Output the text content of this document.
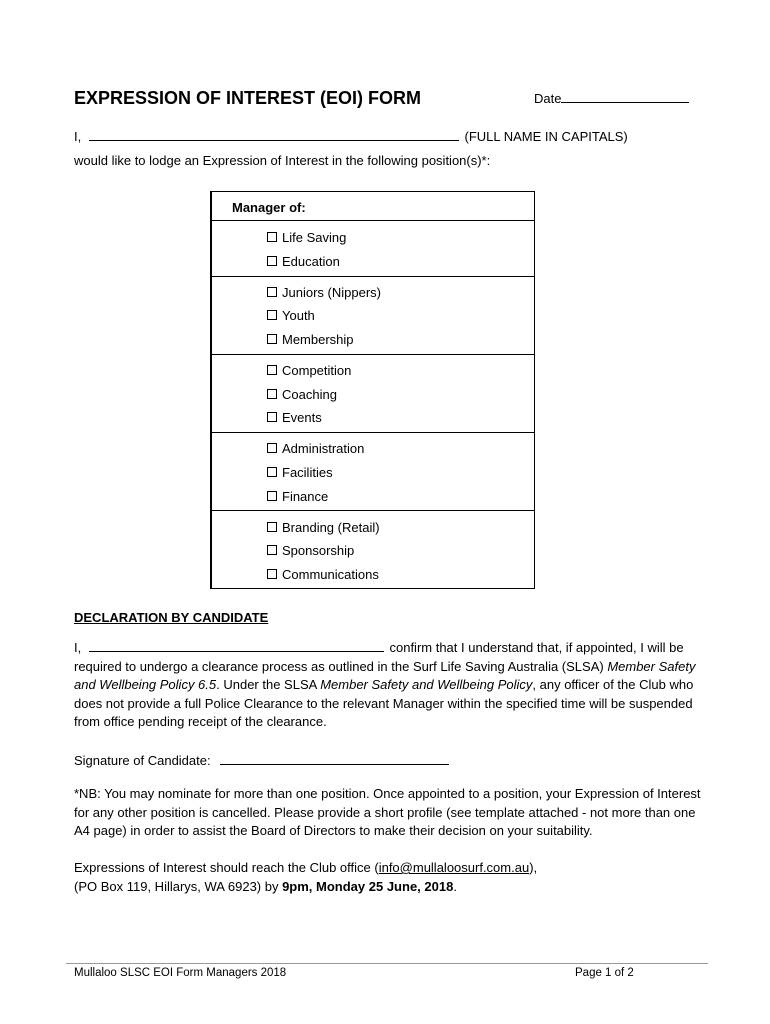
EXPRESSION OF INTEREST (EOI) FORM	Date
I,	(FULL NAME IN CAPITALS)
would like to lodge an Expression of Interest in the following position(s)*:
Manager of:
Life Saving
Education
Juniors (Nippers)
Youth
Membership
Competition
Coaching
Events
Administration
Facilities
Finance
Branding (Retail)
Sponsorship
Communications
DECLARATION BY CANDIDATE
I,	confirm that I understand that, if appointed, I will be
required to undergo a clearance process as outlined in the Surf Life Saving Australia (SLSA) Member Safety
and Wellbeing Policy 6.5. Under the SLSA Member Safety and Wellbeing Policy, any officer of the Club who
does not provide a full Police Clearance to the relevant Manager within the specified time will be suspended
from office pending receipt of the clearance.
Signature of Candidate:
*NB: You may nominate for more than one position. Once appointed to a position, your Expression of Interest
for any other position is cancelled. Please provide a short profile (see template attached - not more than one
A4 page) in order to assist the Board of Directors to make their decision on your suitability.
Expressions of Interest should reach the Club office (info@mullaloosurf.com.au),
(PO Box 119, Hillarys, WA 6923) by 9pm, Monday 25 June, 2018.
Mullaloo SLSC EOI Form Managers 2018	Page 1 of 2
